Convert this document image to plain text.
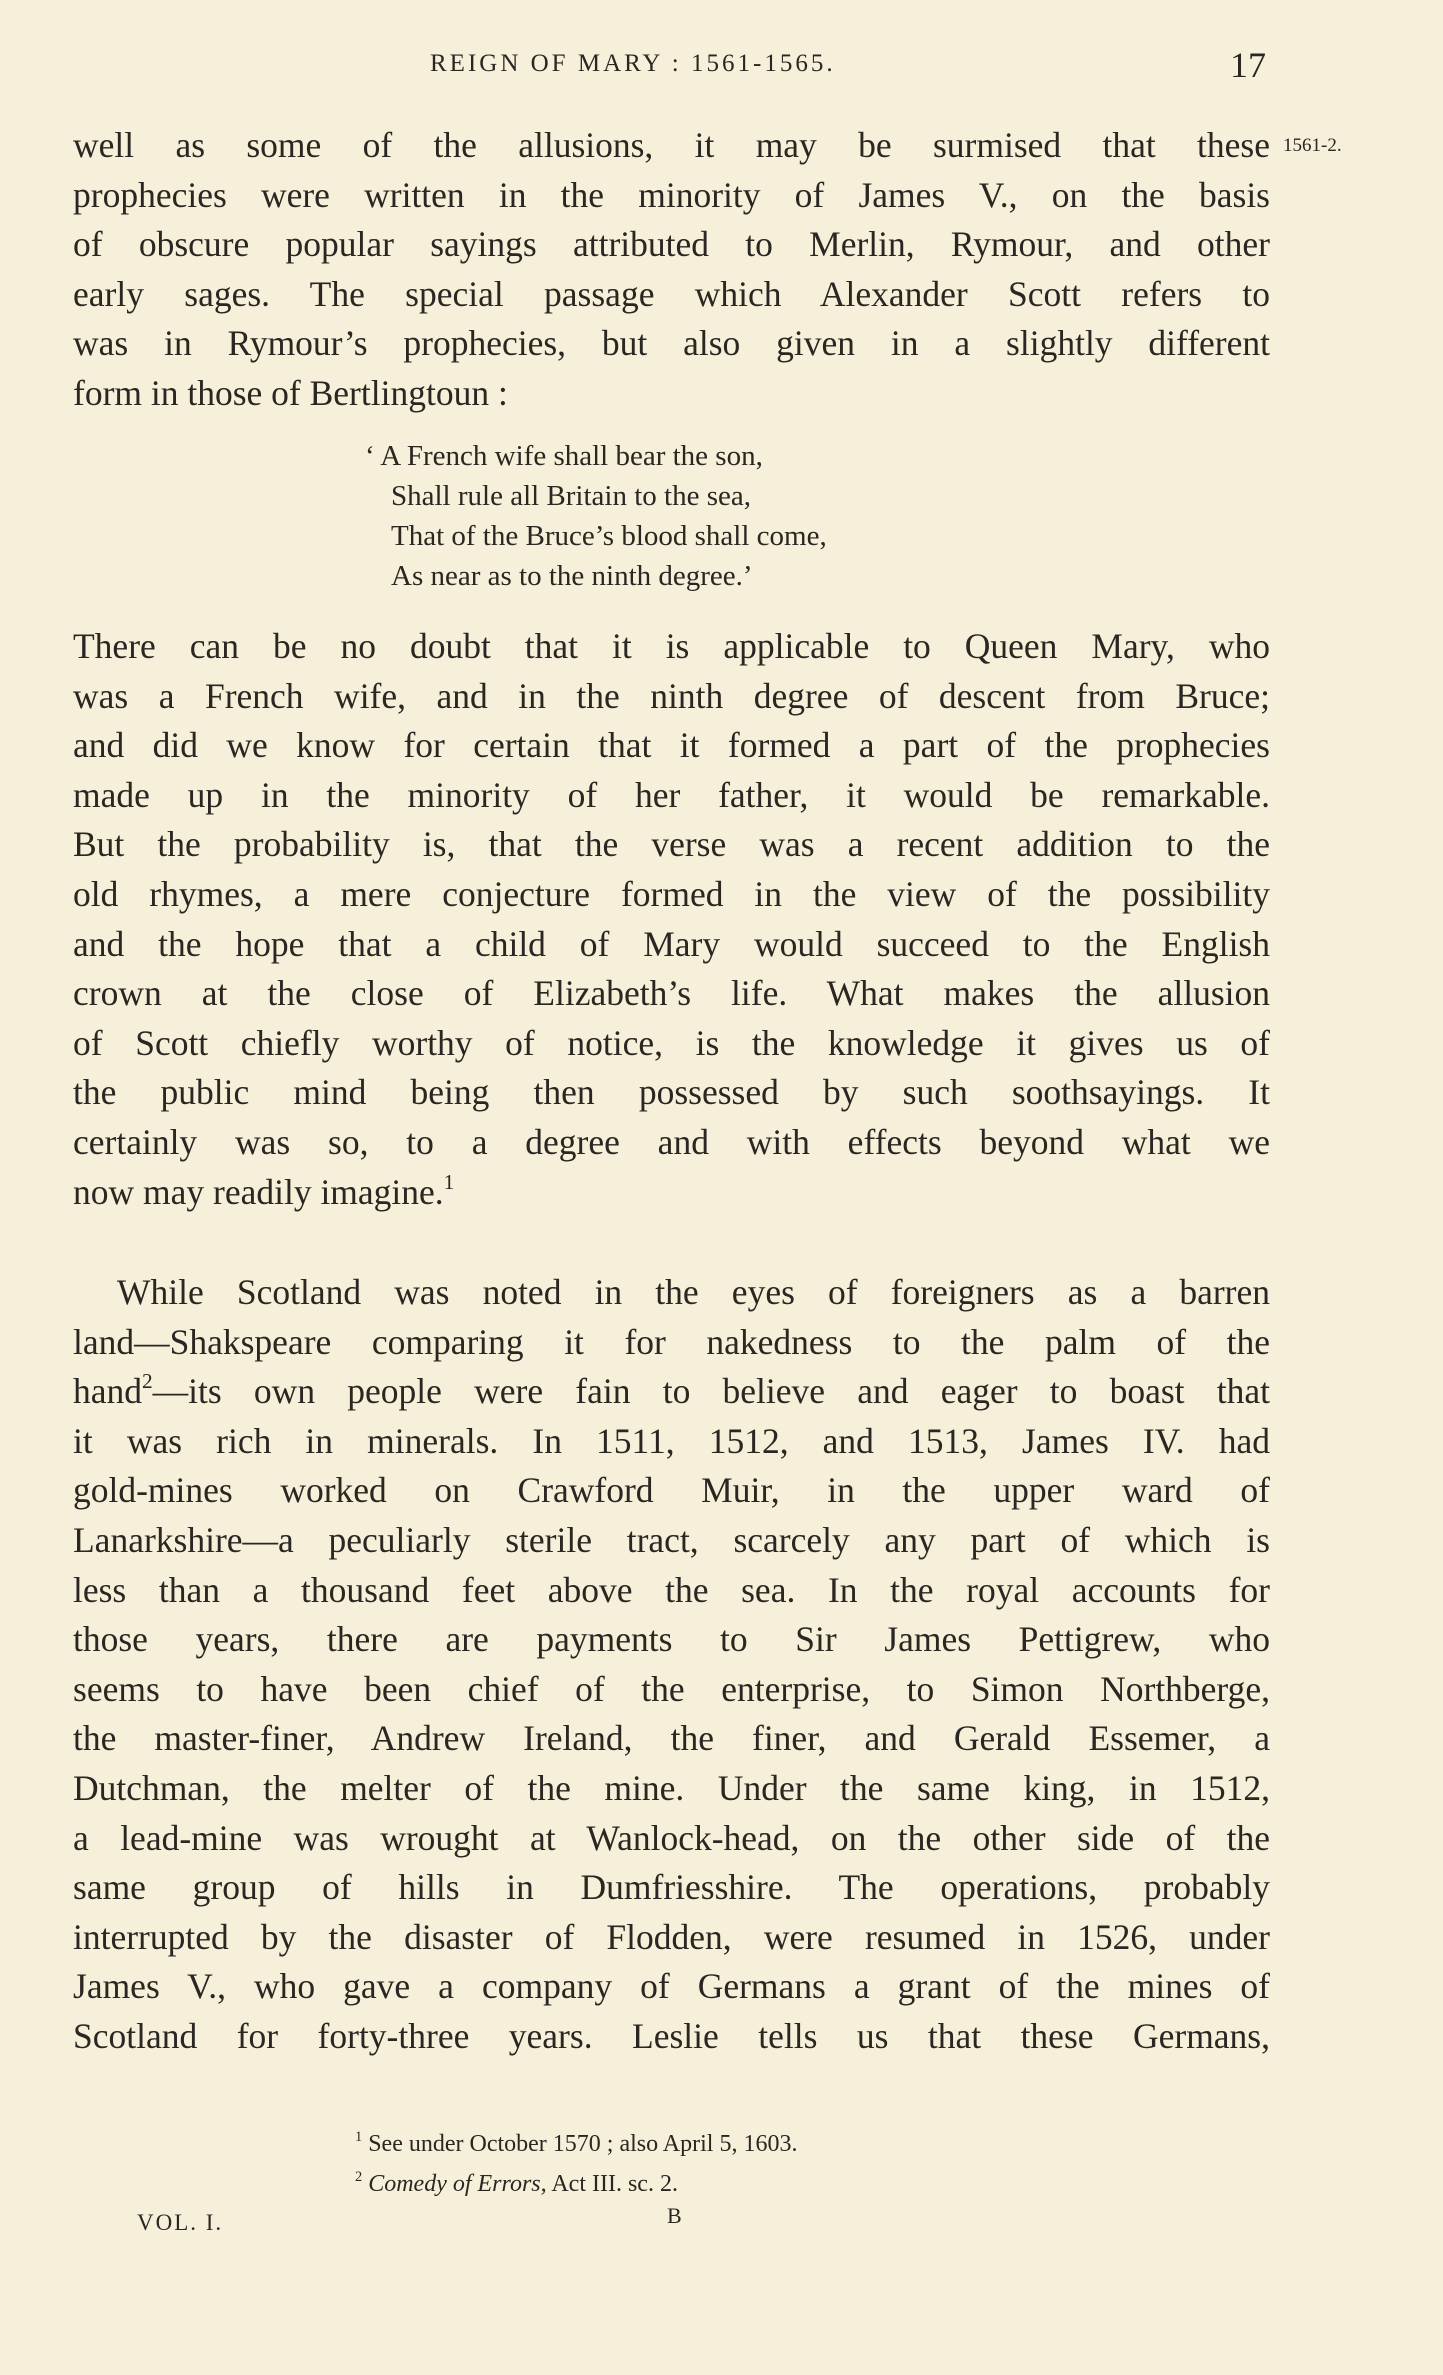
REIGN OF MARY : 1561-1565.	17
1561-2.
well as some of the allusions, it may be surmised that these
prophecies were written in the minority of James V., on the basis
of obscure popular sayings attributed to Merlin, Rymour, and other
early sages. The special passage which Alexander Scott refers to
was in Rymour’s prophecies, but also given in a slightly different
form in those of Bertlingtoun :
‘ A French wife shall bear the son,
Shall rule all Britain to the sea,
That of the Bruce’s blood shall come,
As near as to the ninth degree.’
There can be no doubt that it is applicable to Queen Mary, who
was a French wife, and in the ninth degree of descent from Bruce;
and did we know for certain that it formed a part of the prophecies
made up in the minority of her father, it would be remarkable.
But the probability is, that the verse was a recent addition to the
old rhymes, a mere conjecture formed in the view of the possibility
and the hope that a child of Mary would succeed to the English
crown at the close of Elizabeth’s life. What makes the allusion
of Scott chiefly worthy of notice, is the knowledge it gives us of
the public mind being then possessed by such soothsayings. It
certainly was so, to a degree and with effects beyond what we
now may readily imagine.$^1$
While Scotland was noted in the eyes of foreigners as a barren
land—Shakspeare comparing it for nakedness to the palm of the
hand$^2$—its own people were fain to believe and eager to boast that
it was rich in minerals. In 1511, 1512, and 1513, James IV. had
gold-mines worked on Crawford Muir, in the upper ward of
Lanarkshire—a peculiarly sterile tract, scarcely any part of which is
less than a thousand feet above the sea. In the royal accounts for
those years, there are payments to Sir James Pettigrew, who
seems to have been chief of the enterprise, to Simon Northberge,
the master-finer, Andrew Ireland, the finer, and Gerald Essemer, a
Dutchman, the melter of the mine. Under the same king, in 1512,
a lead-mine was wrought at Wanlock-head, on the other side of the
same group of hills in Dumfriesshire. The operations, probably
interrupted by the disaster of Flodden, were resumed in 1526, under
James V., who gave a company of Germans a grant of the mines of
Scotland for forty-three years. Leslie tells us that these Germans,
$^1$ See under October 1570 ; also April 5, 1603.
$^2$ Comedy of Errors, Act III. sc. 2.
VOL. I.	B
